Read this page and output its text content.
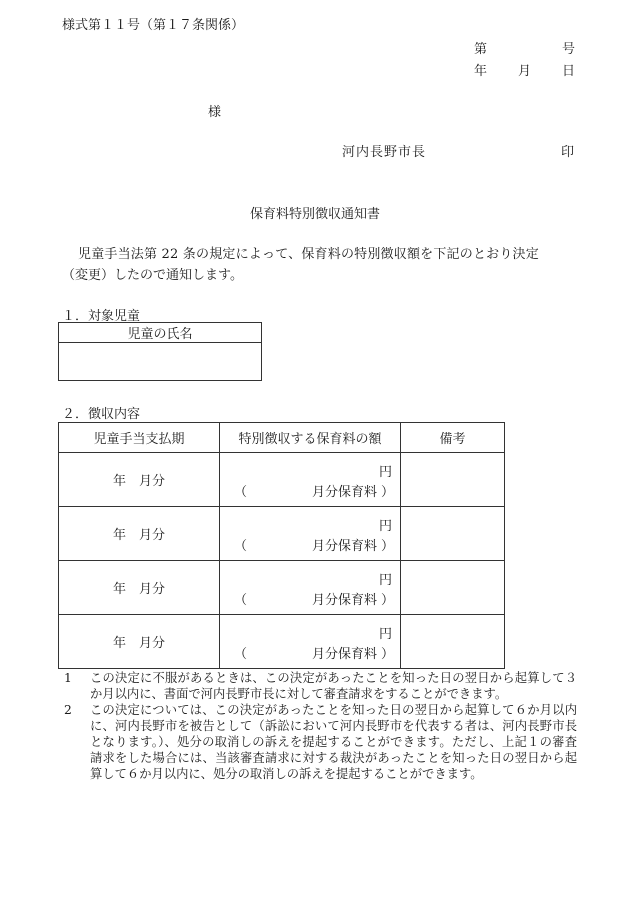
様式第１１号（第１７条関係）
第	号
年 月 日
様
河内長野市長	印
保育料特別徴収通知書
児童手当法第 22 条の規定によって、保育料の特別徴収額を下記のとおり決定
（変更）したので通知します。
１．対象児童
児童の氏名

２．徴収内容
児童手当支払期	特別徴収する保育料の額	備考
年　月分	円
（ 月分保育料 ）	

年　月分	円
（ 月分保育料 ）	

年　月分	円
（ 月分保育料 ）	

年　月分	円
（ 月分保育料 ）	

1	この決定に不服があるときは、この決定があったことを知った日の翌日から起算して３か月以内に、書面で河内長野市長に対して審査請求をすることができます。
2	この決定については、この決定があったことを知った日の翌日から起算して６か月以内に、河内長野市を被告として（訴訟において河内長野市を代表する者は、河内長野市長となります。）、処分の取消しの訴えを提起することができます。ただし、上記１の審査請求をした場合には、当該審査請求に対する裁決があったことを知った日の翌日から起算して６か月以内に、処分の取消しの訴えを提起することができます。
